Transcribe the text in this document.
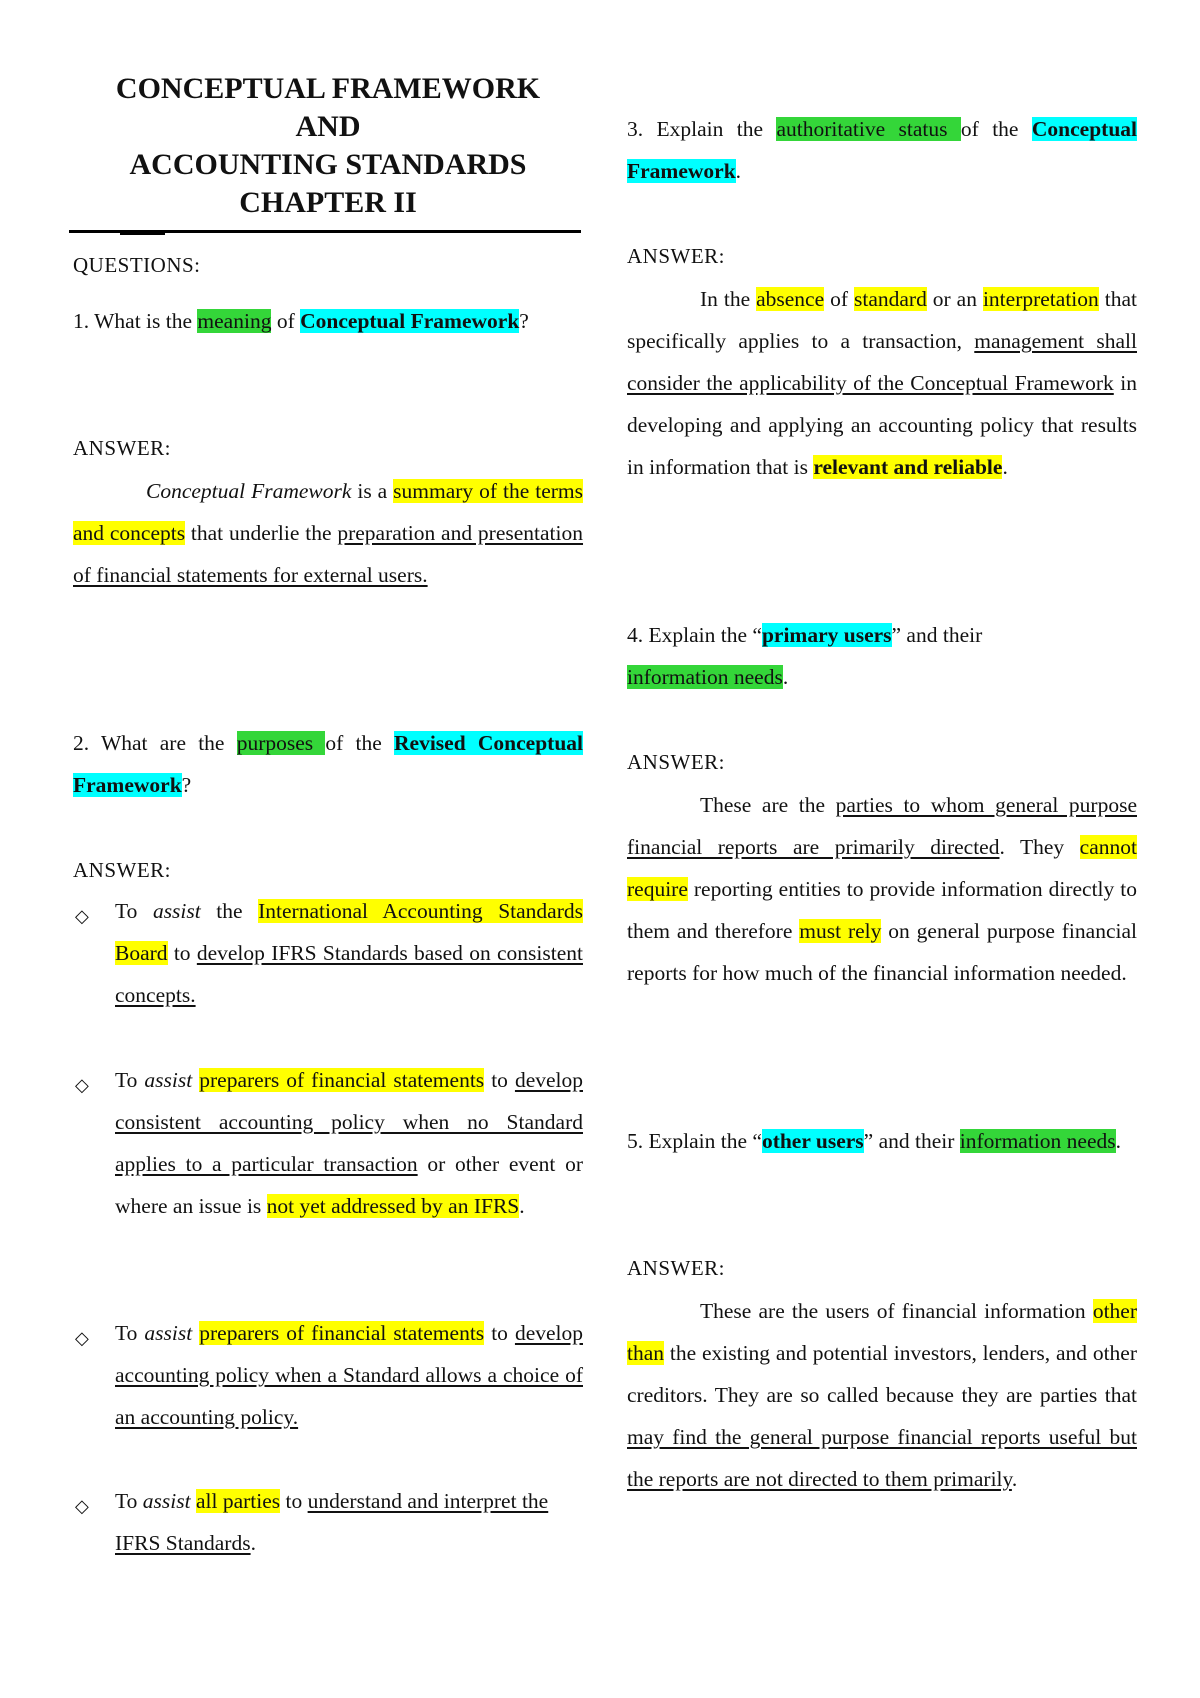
CONCEPTUAL FRAMEWORK
AND
ACCOUNTING STANDARDS
CHAPTER II
QUESTIONS:
1. What is the meaning of Conceptual Framework?
ANSWER:
Conceptual Framework is a summary of the terms and concepts that underlie the preparation and presentation of financial statements for external users.
2. What are the purposes of the Revised Conceptual Framework?
ANSWER:
◇ To assist the International Accounting Standards Board to develop IFRS Standards based on consistent concepts.
◇ To assist preparers of financial statements to develop consistent accounting policy when no Standard applies to a particular transaction or other event or where an issue is not yet addressed by an IFRS.
◇ To assist preparers of financial statements to develop accounting policy when a Standard allows a choice of an accounting policy.
◇ To assist all parties to understand and interpret the IFRS Standards.
3. Explain the authoritative status of the Conceptual Framework.
ANSWER:
In the absence of standard or an interpretation that specifically applies to a transaction, management shall consider the applicability of the Conceptual Framework in developing and applying an accounting policy that results in information that is relevant and reliable.
4. Explain the “primary users” and their
information needs.
ANSWER:
These are the parties to whom general purpose financial reports are primarily directed. They cannot require reporting entities to provide information directly to them and therefore must rely on general purpose financial reports for how much of the financial information needed.
5. Explain the “other users” and their information needs.
ANSWER:
These are the users of financial information other than the existing and potential investors, lenders, and other creditors. They are so called because they are parties that may find the general purpose financial reports useful but the reports are not directed to them primarily.
